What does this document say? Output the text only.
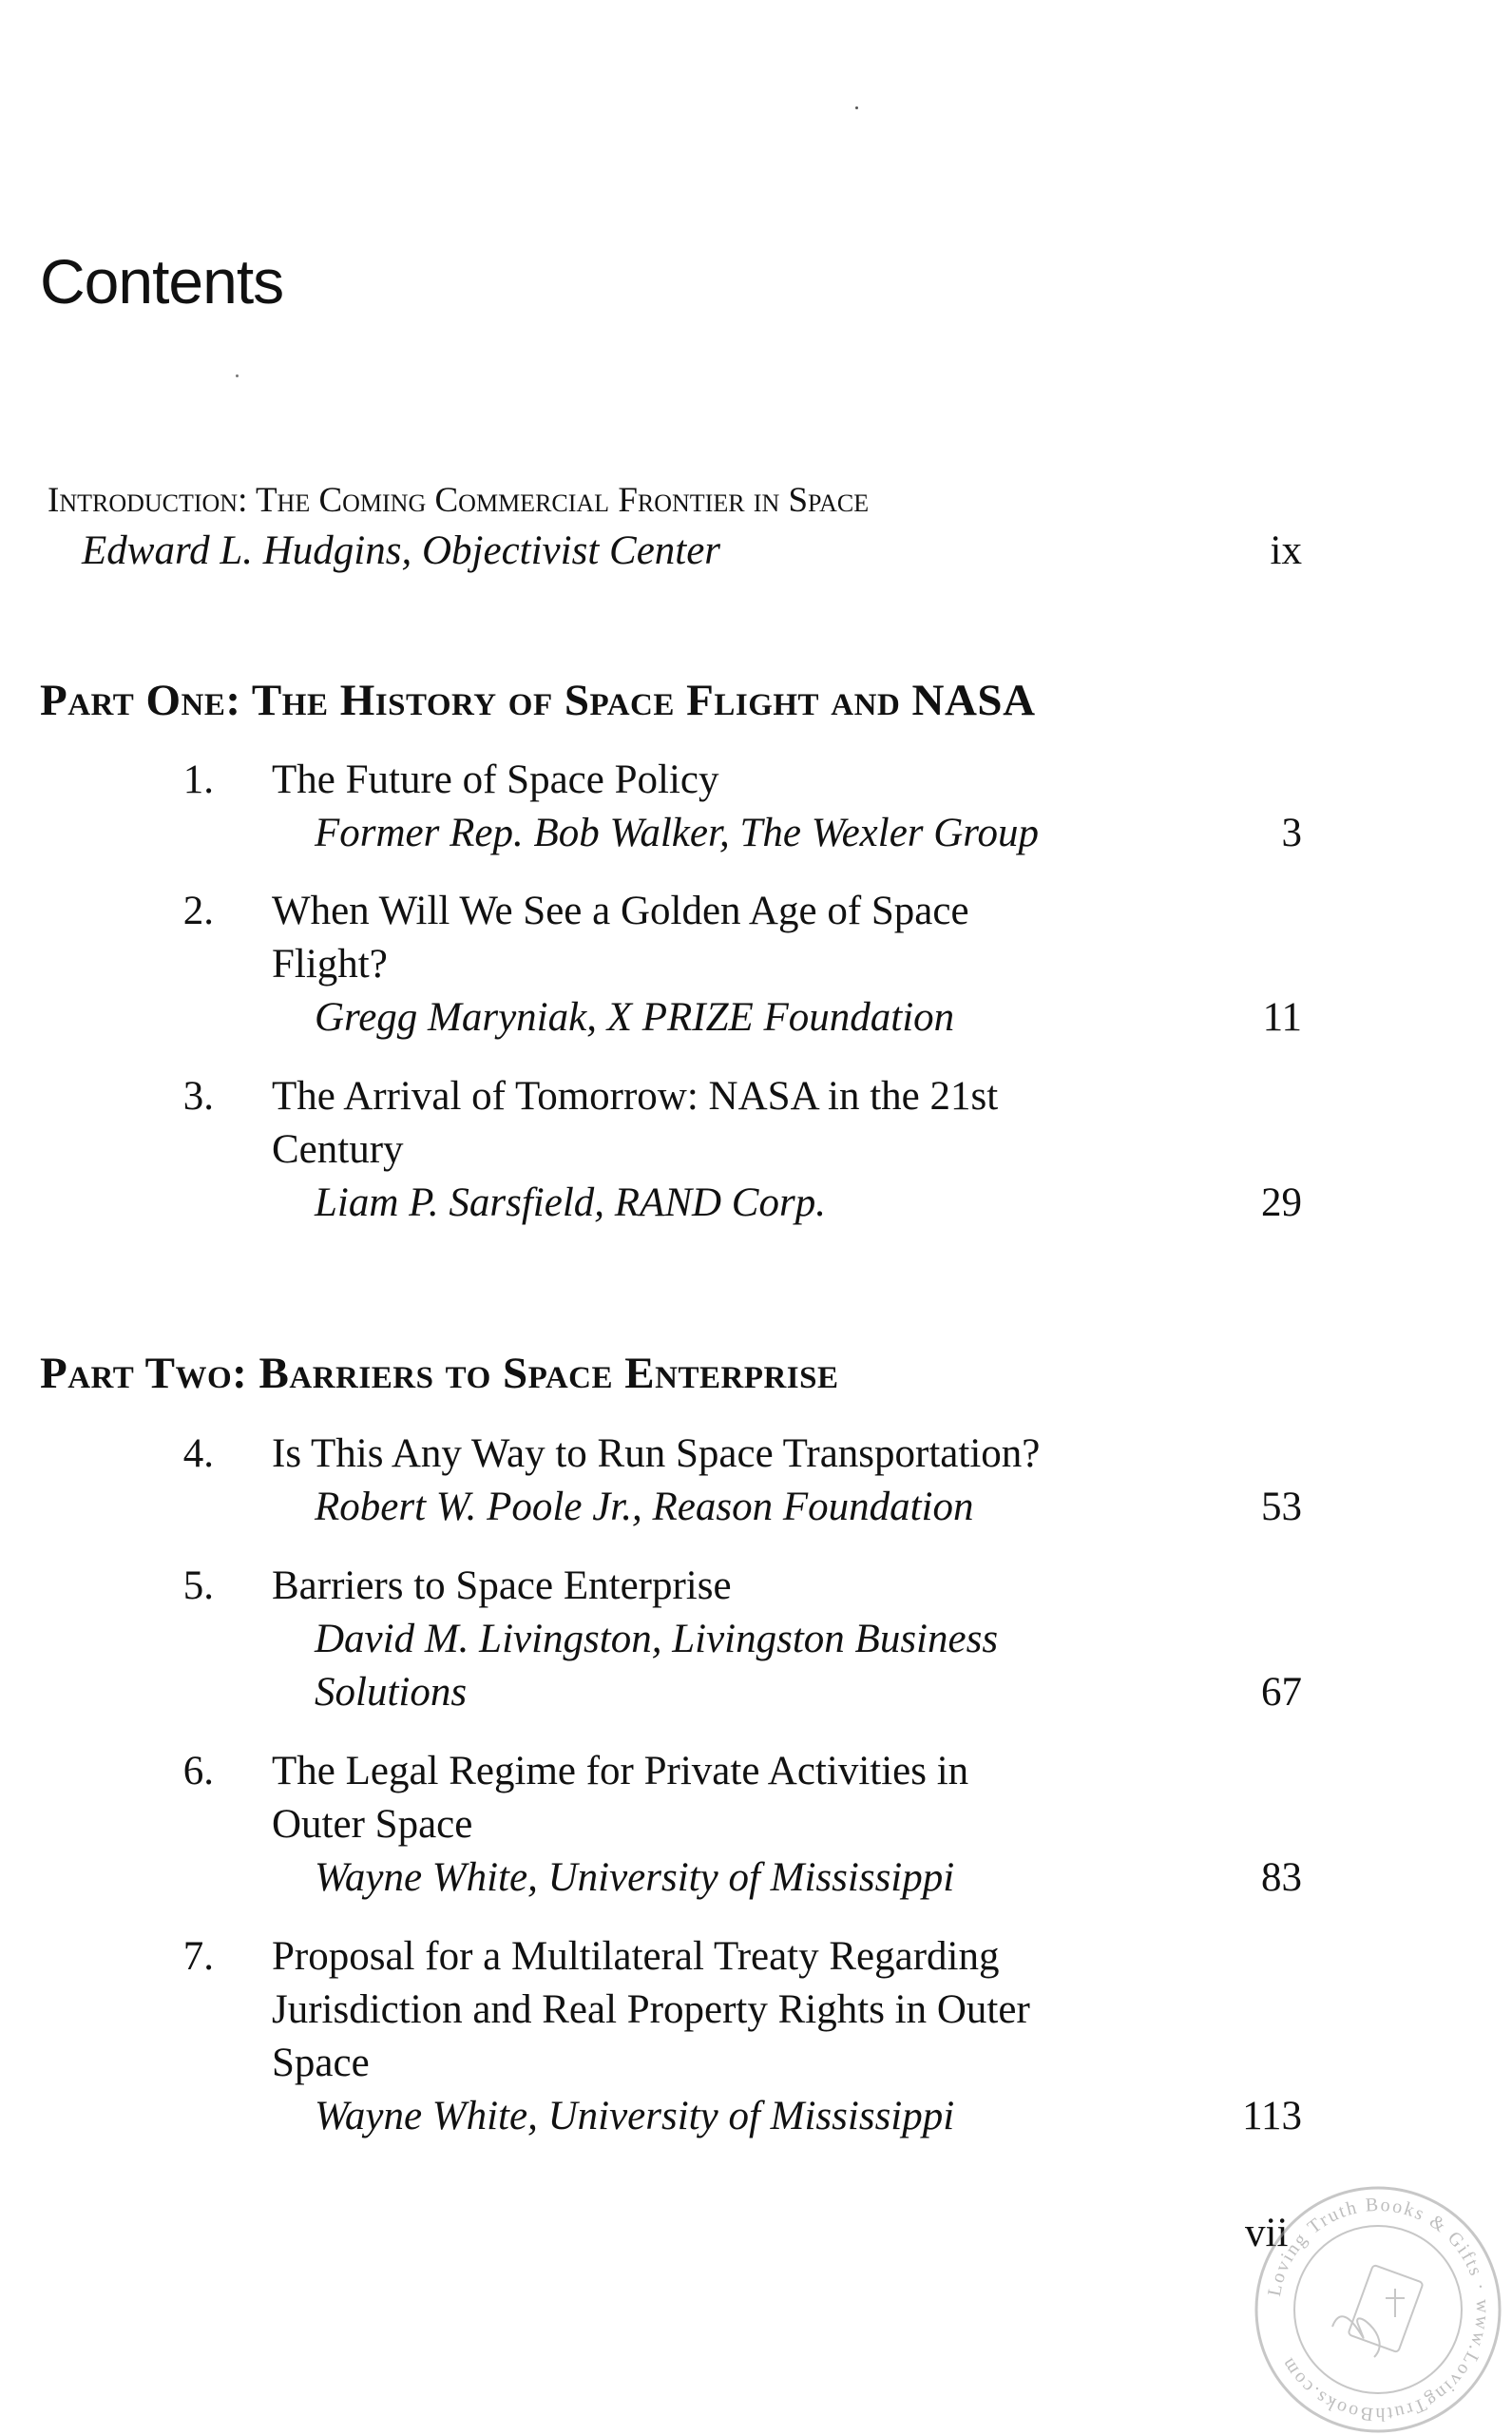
Contents
Introduction: The Coming Commercial Frontier in Space
Edward L. Hudgins, Objectivist Center	ix
Part One: The History of Space Flight and NASA
1. The Future of Space Policy
Former Rep. Bob Walker, The Wexler Group	3
2. When Will We See a Golden Age of Space
Flight?
Gregg Maryniak, X PRIZE Foundation	11
3. The Arrival of Tomorrow: NASA in the 21st
Century
Liam P. Sarsfield, RAND Corp.	29
Part Two: Barriers to Space Enterprise
4. Is This Any Way to Run Space Transportation?
Robert W. Poole Jr., Reason Foundation	53
5. Barriers to Space Enterprise
David M. Livingston, Livingston Business
Solutions	67
6. The Legal Regime for Private Activities in
Outer Space
Wayne White, University of Mississippi	83
7. Proposal for a Multilateral Treaty Regarding
Jurisdiction and Real Property Rights in Outer
Space
Wayne White, University of Mississippi	113
vii
Loving Truth Books & Gifts · www.LovingTruthBooks.com
